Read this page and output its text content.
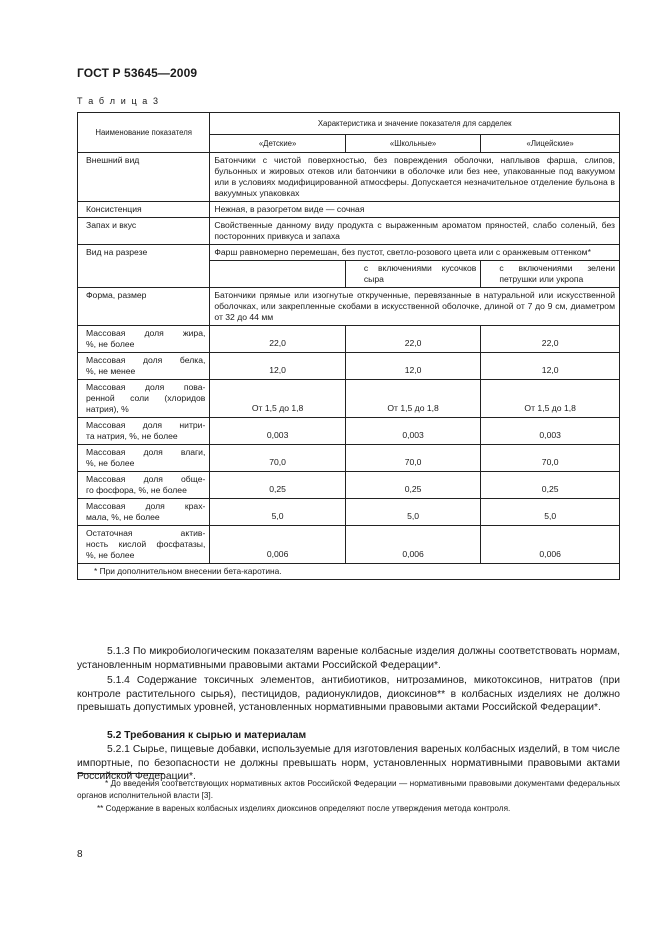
ГОСТ Р 53645—2009
Т а б л и ц а 3
Наименование показателя	Характеристика и значение показателя для сарделек		
	«Детские»	«Школьные»	«Лицейские»
Внешний вид	Батончики с чистой поверхностью, без повреждения оболочки, наплывов фарша, слипов, бульонных и жировых отеков или батончики в оболочке или без нее, упакованные под вакуумом или в условиях модифицированной атмосферы. Допускается незначительное отделение бульона в вакуумных упаковках		
Консистенция	Нежная, в разогретом виде — сочная		
Запах и вкус	Свойственные данному виду продукта с выраженным ароматом пряностей, слабо соленый, без посторонних привкуса и запаха		
Вид на разрезе	Фарш равномерно перемешан, без пустот, светло-розового цвета или с оранжевым оттенком*		
		с включениями кусочков сыра	с включениями зелени петрушки или укропа
Форма, размер	Батончики прямые или изогнутые открученные, перевязанные в натуральной или искусственной оболочках, или закрепленные скобами в искусственной оболочке, длиной от 7 до 9 см, диаметром от 32 до 44 мм		

Массовая доля жира,
%, не более	22,0	22,0	22,0

Массовая доля белка,
%, не менее	12,0	12,0	12,0

Массовая доля пова-
ренной соли (хлоридов
натрия), %	От 1,5 до 1,8	От 1,5 до 1,8	От 1,5 до 1,8

Массовая доля нитри-
та натрия, %, не более	0,003	0,003	0,003

Массовая доля влаги,
%, не более	70,0	70,0	70,0

Массовая доля обще-
го фосфора, %, не более	0,25	0,25	0,25

Массовая доля крах-
мала, %, не более	5,0	5,0	5,0

Остаточная актив-
ность кислой фосфатазы,
%, не более	0,006	0,006	0,006
* При дополнительном внесении бета-каротина.			
5.1.3 По микробиологическим показателям вареные колбасные изделия должны соответствовать нормам, установленным нормативными правовыми актами Российской Федерации*.
5.1.4 Содержание токсичных элементов, антибиотиков, нитрозаминов, микотоксинов, нитратов (при контроле растительного сырья), пестицидов, радионуклидов, диоксинов** в колбасных изделиях не должно превышать допустимых уровней, установленных нормативными правовыми актами Российской Федерации*.
5.2 Требования к сырью и материалам
5.2.1 Сырье, пищевые добавки, используемые для изготовления вареных колбасных изделий, в том числе импортные, по безопасности не должны превышать норм, установленных нормативными правовыми актами Российской Федерации*.
* До введения соответствующих нормативных актов Российской Федерации — нормативными правовыми документами федеральных органов исполнительной власти [3].
** Содержание в вареных колбасных изделиях диоксинов определяют после утверждения метода контроля.
8
